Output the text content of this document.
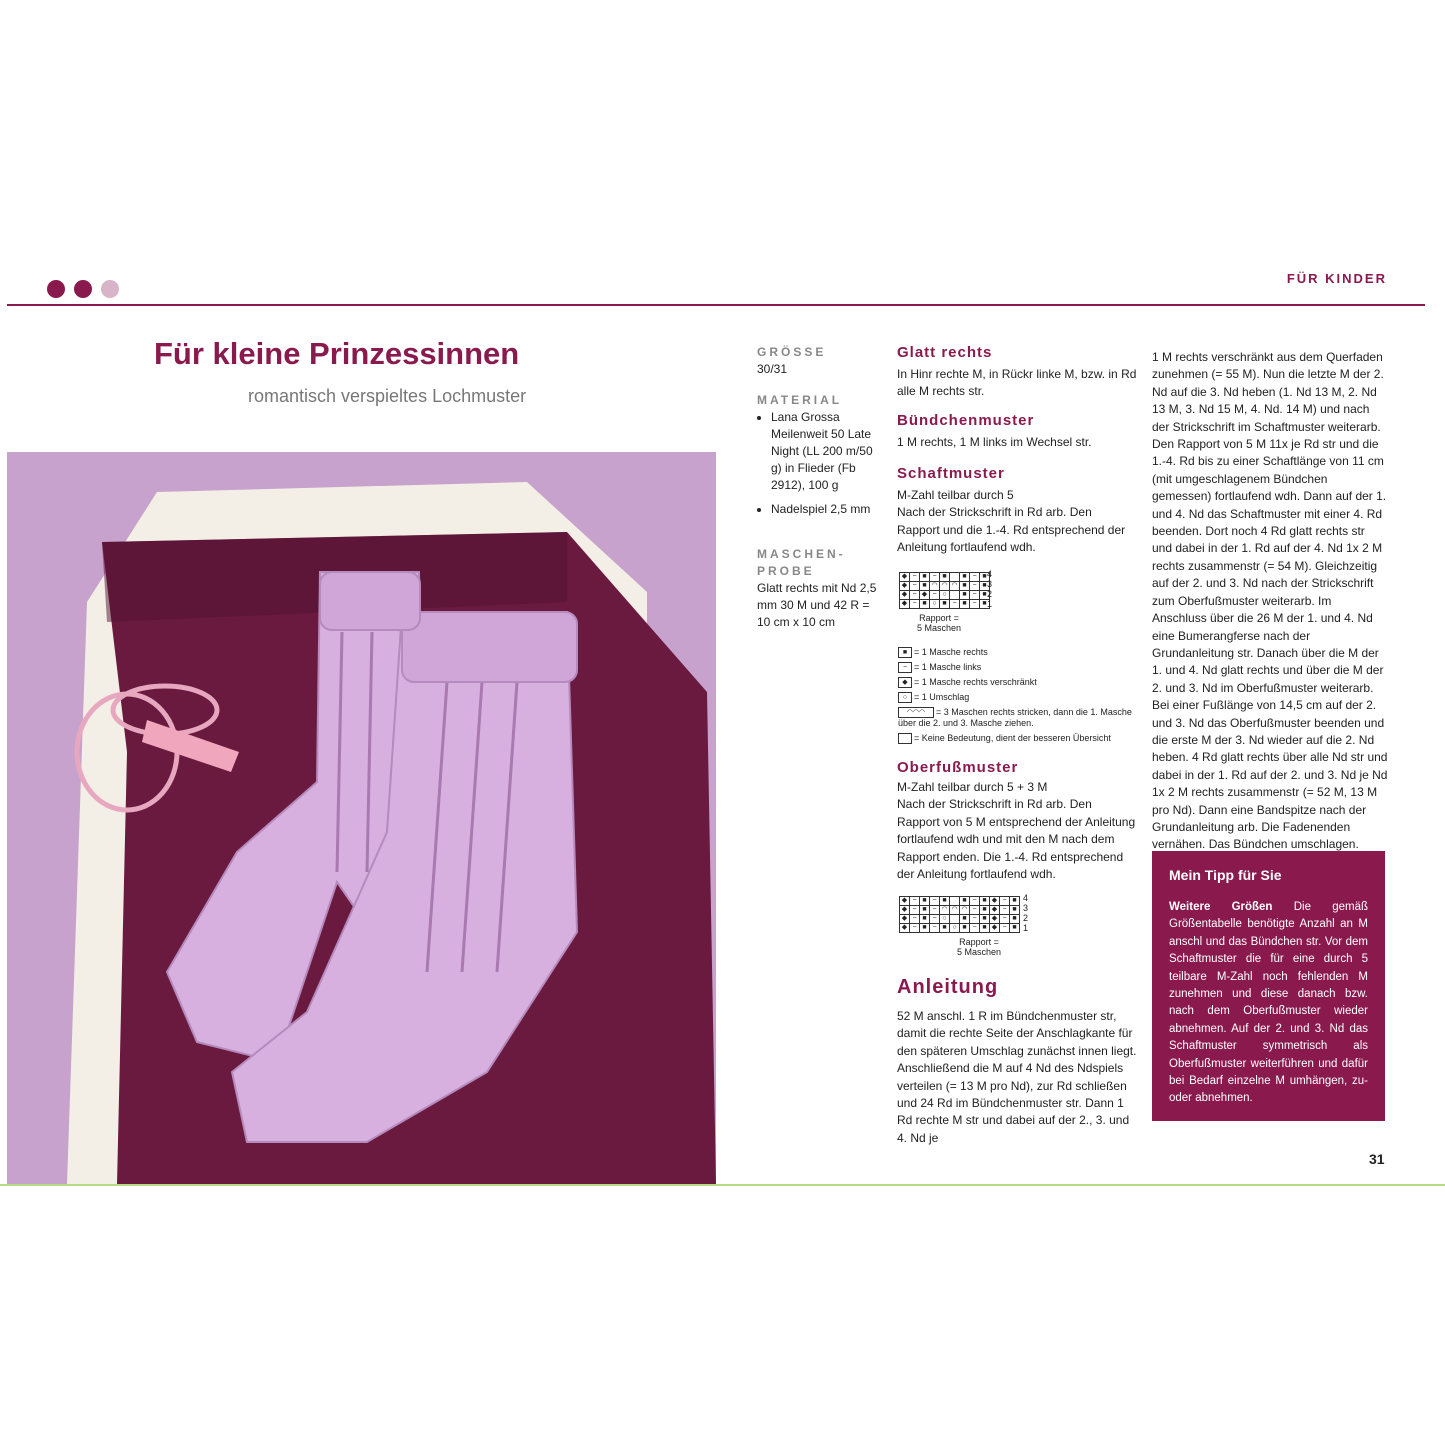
FÜR KINDER
Für kleine Prinzessinnen
romantisch verspieltes Lochmuster
GRÖSSE
30/31
MATERIAL
• Lana Grossa Meilenweit 50 Late Night (LL 200 m/50 g) in Flieder (Fb 2912), 100 g
• Nadelspiel 2,5 mm
MASCHEN-
PROBE
Glatt rechts mit Nd 2,5 mm 30 M und 42 R = 10 cm x 10 cm
Glatt rechts
In Hinr rechte M, in Rückr linke M, bzw. in Rd alle M rechts str.
Bündchenmuster
1 M rechts, 1 M links im Wechsel str.
Schaftmuster
M-Zahl teilbar durch 5
Nach der Strickschrift in Rd arb. Den Rapport und die 1.-4. Rd entsprechend der Anleitung fortlaufend wdh.
◆	−	■	−	■		■	−	■
◆	−	■	◠	◠	◠	■	−	■
◆	−	◆	−	○		■	−	■
◆	−	■	○	■	−	■	−	■
4
3
2
1
Rapport =
5 Maschen
■ = 1 Masche rechts
− = 1 Masche links
◆ = 1 Masche rechts verschränkt
○ = 1 Umschlag
◠◠◠ = 3 Maschen rechts stricken, dann die 1. Masche über die 2. und 3. Masche ziehen.
= Keine Bedeutung, dient der besseren Übersicht
Oberfußmuster
M-Zahl teilbar durch 5 + 3 M
Nach der Strickschrift in Rd arb. Den Rapport von 5 M entsprechend der Anleitung fortlaufend wdh und mit den M nach dem Rapport enden. Die 1.-4. Rd entsprechend der Anleitung fortlaufend wdh.
◆	−	■	−	■		■	−	■	◆	−	■
◆	−	■	−	◠	◠	◠	−	■	◆	−	■
◆	−	■	−	○		■	−	■	◆	−	■
◆	−	■	−	■	○	■	−	■	◆	−	■
4
3
2
1
Rapport =
5 Maschen
Anleitung
52 M anschl. 1 R im Bündchenmuster str, damit die rechte Seite der Anschlagkante für den späteren Umschlag zunächst innen liegt. Anschließend die M auf 4 Nd des Ndspiels verteilen (= 13 M pro Nd), zur Rd schließen und 24 Rd im Bündchenmuster str. Dann 1 Rd rechte M str und dabei auf der 2., 3. und 4. Nd je
1 M rechts verschränkt aus dem Querfaden zunehmen (= 55 M). Nun die letzte M der 2. Nd auf die 3. Nd heben (1. Nd 13 M, 2. Nd 13 M, 3. Nd 15 M, 4. Nd. 14 M) und nach der Strickschrift im Schaftmuster weiterarb. Den Rapport von 5 M 11x je Rd str und die 1.-4. Rd bis zu einer Schaftlänge von 11 cm (mit umgeschlagenem Bündchen gemessen) fortlaufend wdh. Dann auf der 1. und 4. Nd das Schaftmuster mit einer 4. Rd beenden. Dort noch 4 Rd glatt rechts str und dabei in der 1. Rd auf der 4. Nd 1x 2 M rechts zusammenstr (= 54 M). Gleichzeitig auf der 2. und 3. Nd nach der Strickschrift zum Oberfußmuster weiterarb. Im Anschluss über die 26 M der 1. und 4. Nd eine Bumerangferse nach der Grundanleitung str. Danach über die M der 1. und 4. Nd glatt rechts und über die M der 2. und 3. Nd im Oberfußmuster weiterarb. Bei einer Fußlänge von 14,5 cm auf der 2. und 3. Nd das Oberfußmuster beenden und die erste M der 3. Nd wieder auf die 2. Nd heben. 4 Rd glatt rechts über alle Nd str und dabei in der 1. Rd auf der 2. und 3. Nd je Nd 1x 2 M rechts zusammenstr (= 52 M, 13 M pro Nd). Dann eine Bandspitze nach der Grundanleitung arb. Die Fadenenden vernähen. Das Bündchen umschlagen.

Mein Tipp für Sie
Weitere Größen Die gemäß Größentabelle benötigte Anzahl an M anschl und das Bündchen str. Vor dem Schaftmuster die für eine durch 5 teilbare M-Zahl noch fehlenden M zunehmen und diese danach bzw. nach dem Oberfußmuster wieder abnehmen. Auf der 2. und 3. Nd das Schaftmuster symmetrisch als Oberfußmuster weiterführen und dafür bei Bedarf einzelne M umhängen, zu- oder abnehmen.
31
